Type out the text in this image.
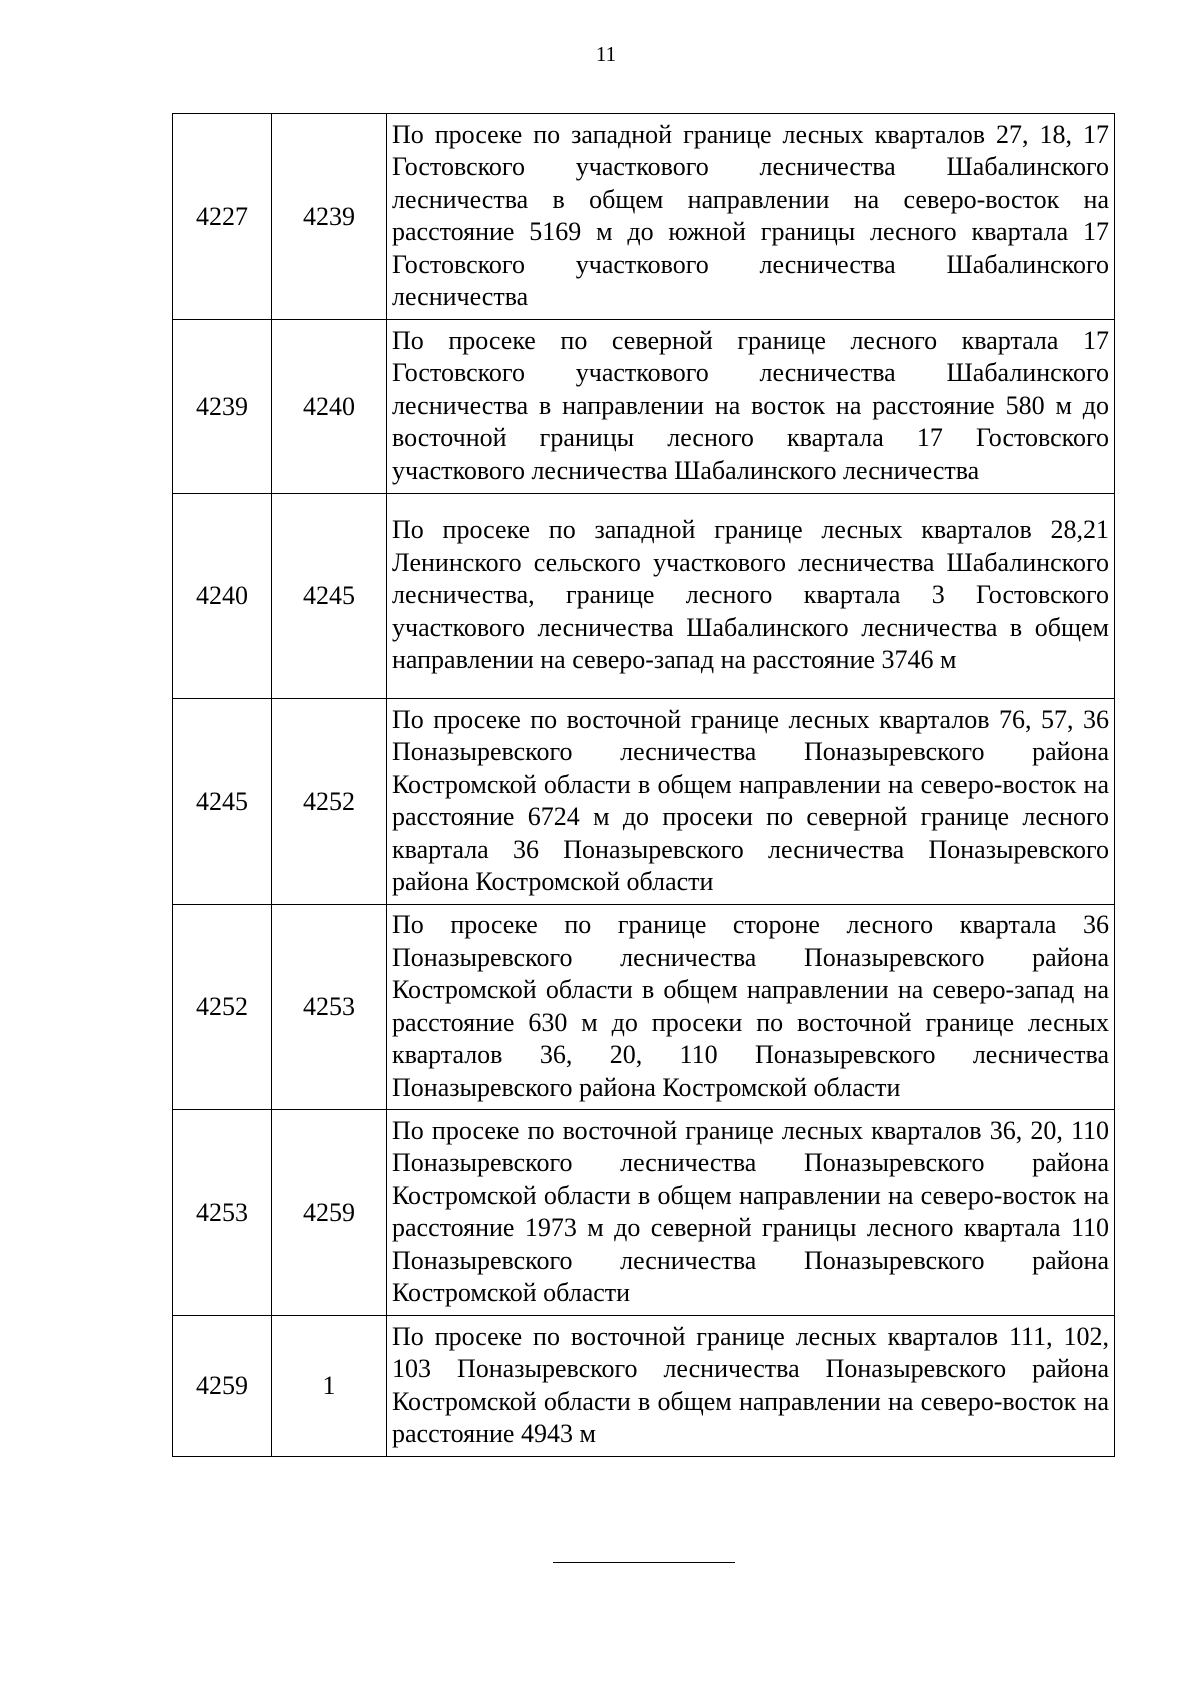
11
4227	4239	По просеке по западной границе лесных кварталов 27, 18, 17 Гостовского участкового лесничества Шабалинского лесничества в общем направлении на северо-восток на расстояние 5169 м до южной границы лесного квартала 17 Гостовского участкового лесничества Шабалинского лесничества
4239	4240	По просеке по северной границе лесного квартала 17 Гостовского участкового лесничества Шабалинского лесничества в направлении на восток на расстояние 580 м до восточной границы лесного квартала 17 Гостовского участкового лесничества Шабалинского лесничества
4240	4245	По просеке по западной границе лесных кварталов 28,21 Ленинского сельского участкового лесничества Шабалинского лесничества, границе лесного квартала 3 Гостовского участкового лесничества Шабалинского лесничества в общем направлении на северо-запад на расстояние 3746 м
4245	4252	По просеке по восточной границе лесных кварталов 76, 57, 36 Поназыревского лесничества Поназыревского района Костромской области в общем направлении на северо-восток на расстояние 6724 м до просеки по северной границе лесного квартала 36 Поназыревского лесничества Поназыревского района Костромской области
4252	4253	По просеке по границе стороне лесного квартала 36 Поназыревского лесничества Поназыревского района Костромской области в общем направлении на северо-запад на расстояние 630 м до просеки по восточной границе лесных кварталов 36, 20, 110 Поназыревского лесничества Поназыревского района Костромской области
4253	4259	По просеке по восточной границе лесных кварталов 36, 20, 110 Поназыревского лесничества Поназыревского района Костромской области в общем направлении на северо-восток на расстояние 1973 м до северной границы лесного квартала 110 Поназыревского лесничества Поназыревского района Костромской области
4259	1	По просеке по восточной границе лесных кварталов 111, 102, 103 Поназыревского лесничества Поназыревского района Костромской области в общем направлении на северо-восток на расстояние 4943 м
